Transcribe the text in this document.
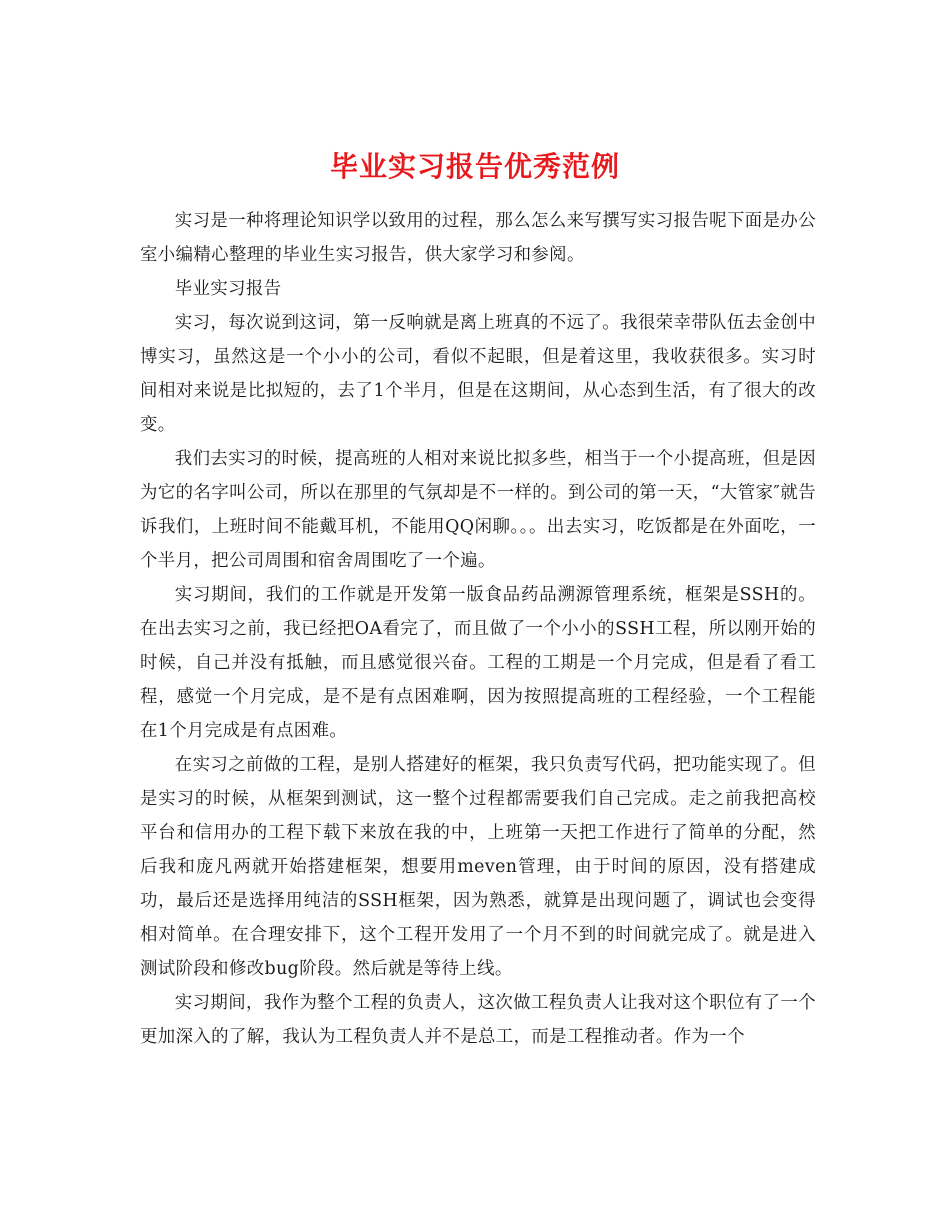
毕业实习报告优秀范例

实习是一种将理论知识学以致用的过程，那么怎么来写撰写实习报告呢下面是办公室小编精心整理的毕业生实习报告，供大家学习和参阅。

毕业实习报告

实习，每次说到这词，第一反响就是离上班真的不远了。我很荣幸带队伍去金创中博实习，虽然这是一个小小的公司，看似不起眼，但是着这里，我收获很多。实习时间相对来说是比拟短的，去了1个半月，但是在这期间，从心态到生活，有了很大的改变。

我们去实习的时候，提高班的人相对来说比拟多些，相当于一个小提高班，但是因为它的名字叫公司，所以在那里的气氛却是不一样的。到公司的第一天，“大管家″就告诉我们，上班时间不能戴耳机，不能用QQ闲聊。。。出去实习，吃饭都是在外面吃，一个半月，把公司周围和宿舍周围吃了一个遍。

实习期间，我们的工作就是开发第一版食品药品溯源管理系统，框架是SSH的。在出去实习之前，我已经把OA看完了，而且做了一个小小的SSH工程，所以刚开始的时候，自己并没有抵触，而且感觉很兴奋。工程的工期是一个月完成，但是看了看工程，感觉一个月完成，是不是有点困难啊，因为按照提高班的工程经验，一个工程能在1个月完成是有点困难。

在实习之前做的工程，是别人搭建好的框架，我只负责写代码，把功能实现了。但是实习的时候，从框架到测试，这一整个过程都需要我们自己完成。走之前我把高校平台和信用办的工程下载下来放在我的中，上班第一天把工作进行了简单的分配，然后我和庞凡两就开始搭建框架，想要用meven管理，由于时间的原因，没有搭建成功，最后还是选择用纯洁的SSH框架，因为熟悉，就算是出现问题了，调试也会变得相对简单。在合理安排下，这个工程开发用了一个月不到的时间就完成了。就是进入测试阶段和修改bug阶段。然后就是等待上线。

实习期间，我作为整个工程的负责人，这次做工程负责人让我对这个职位有了一个更加深入的了解，我认为工程负责人并不是总工，而是工程推动者。作为一个
